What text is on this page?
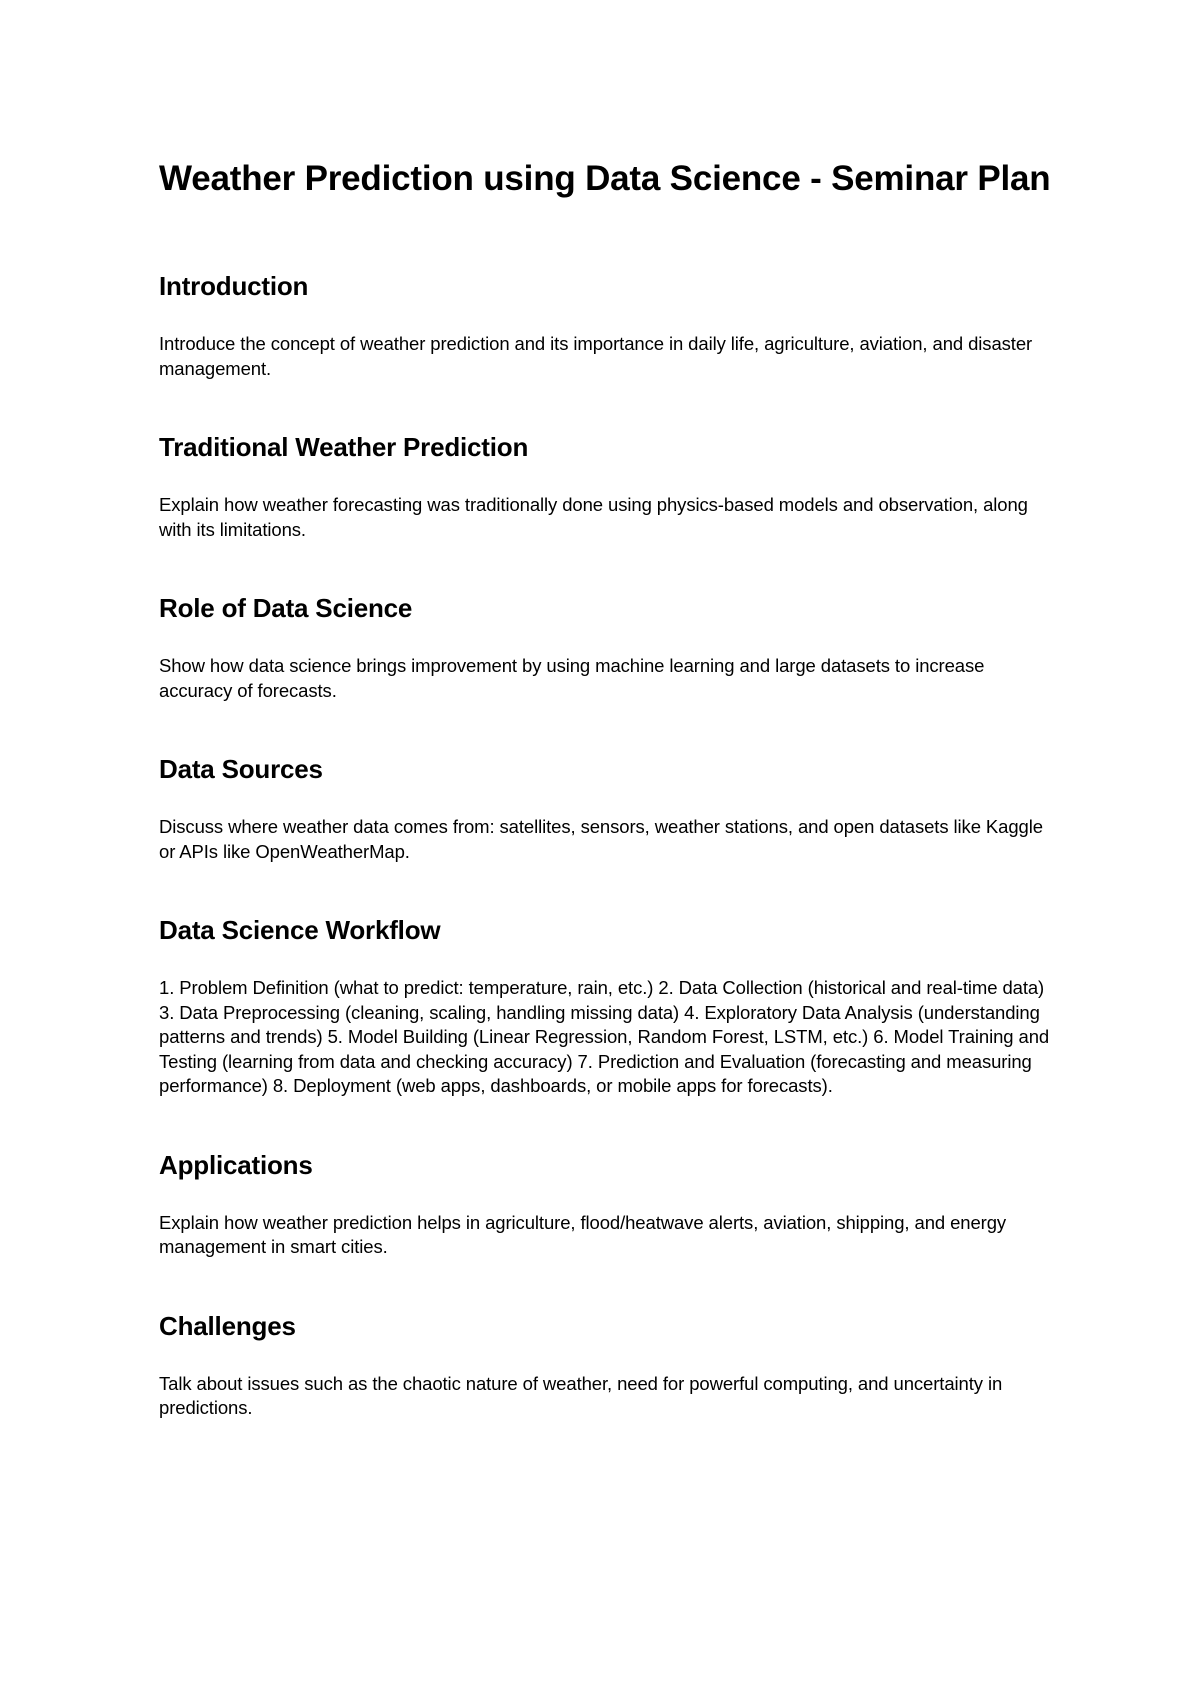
Weather Prediction using Data Science - Seminar Plan
Introduction

Introduce the concept of weather prediction and its importance in daily life, agriculture, aviation, and disaster management.

Traditional Weather Prediction

Explain how weather forecasting was traditionally done using physics-based models and observation, along with its limitations.

Role of Data Science

Show how data science brings improvement by using machine learning and large datasets to increase accuracy of forecasts.

Data Sources

Discuss where weather data comes from: satellites, sensors, weather stations, and open datasets like Kaggle or APIs like OpenWeatherMap.

Data Science Workflow

1. Problem Definition (what to predict: temperature, rain, etc.) 2. Data Collection (historical and real-time data) 3. Data Preprocessing (cleaning, scaling, handling missing data) 4. Exploratory Data Analysis (understanding patterns and trends) 5. Model Building (Linear Regression, Random Forest, LSTM, etc.) 6. Model Training and Testing (learning from data and checking accuracy) 7. Prediction and Evaluation (forecasting and measuring performance) 8. Deployment (web apps, dashboards, or mobile apps for forecasts).

Applications

Explain how weather prediction helps in agriculture, flood/heatwave alerts, aviation, shipping, and energy management in smart cities.

Challenges

Talk about issues such as the chaotic nature of weather, need for powerful computing, and uncertainty in predictions.
